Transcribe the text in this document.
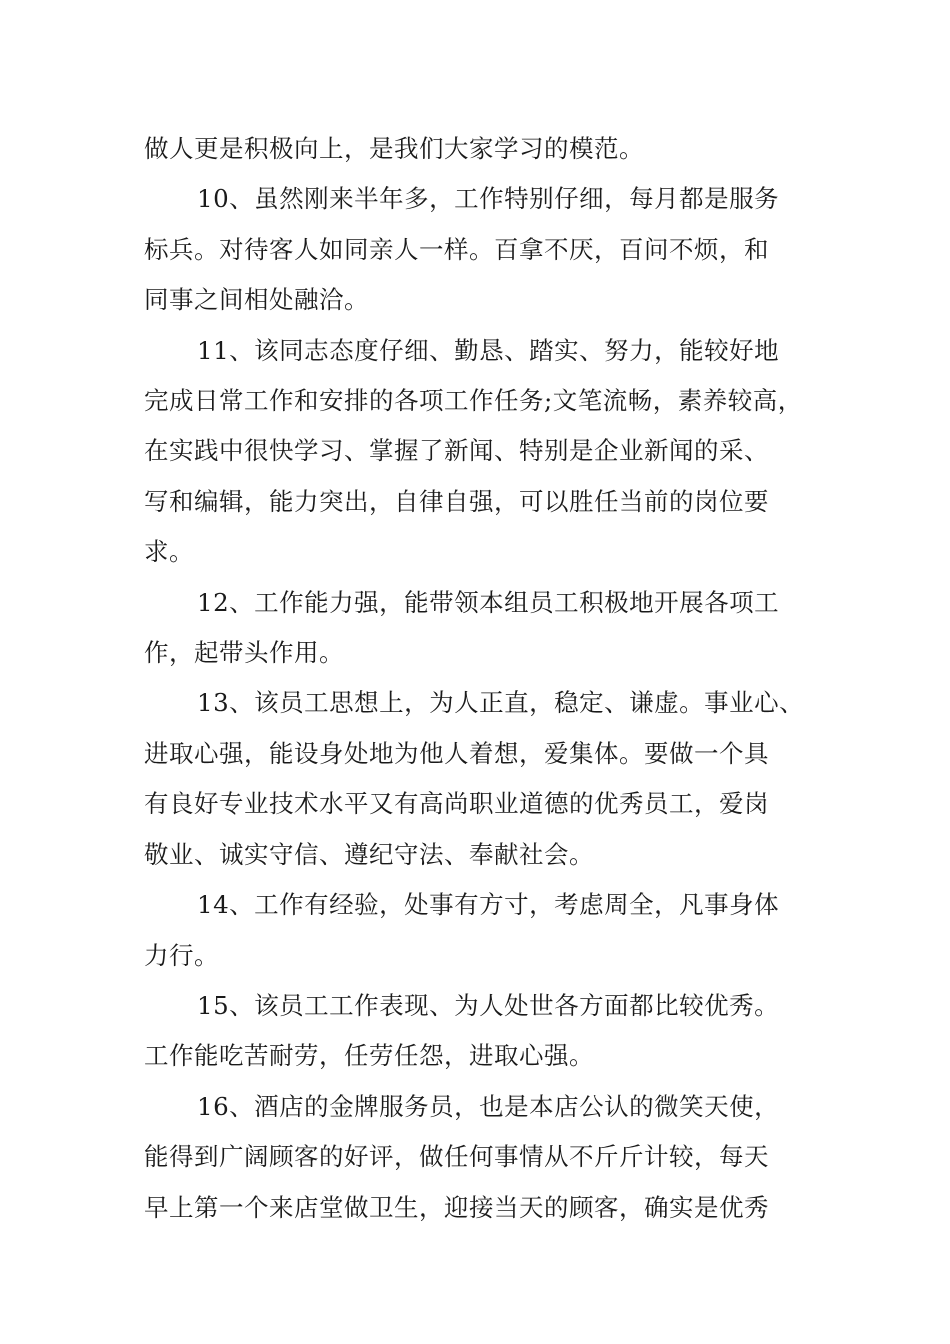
做人更是积极向上，是我们大家学习的模范。

10、虽然刚来半年多，工作特别仔细，每月都是服务
标兵。对待客人如同亲人一样。百拿不厌，百问不烦，和
同事之间相处融洽。

11、该同志态度仔细、勤恳、踏实、努力，能较好地
完成日常工作和安排的各项工作任务;文笔流畅，素养较高，
在实践中很快学习、掌握了新闻、特别是企业新闻的采、
写和编辑，能力突出，自律自强，可以胜任当前的岗位要
求。

12、工作能力强，能带领本组员工积极地开展各项工
作，起带头作用。

13、该员工思想上，为人正直，稳定、谦虚。事业心、
进取心强，能设身处地为他人着想，爱集体。要做一个具
有良好专业技术水平又有高尚职业道德的优秀员工，爱岗
敬业、诚实守信、遵纪守法、奉献社会。

14、工作有经验，处事有方寸，考虑周全，凡事身体
力行。

15、该员工工作表现、为人处世各方面都比较优秀。
工作能吃苦耐劳，任劳任怨，进取心强。

16、酒店的金牌服务员，也是本店公认的微笑天使，
能得到广阔顾客的好评，做任何事情从不斤斤计较，每天
早上第一个来店堂做卫生，迎接当天的顾客，确实是优秀
